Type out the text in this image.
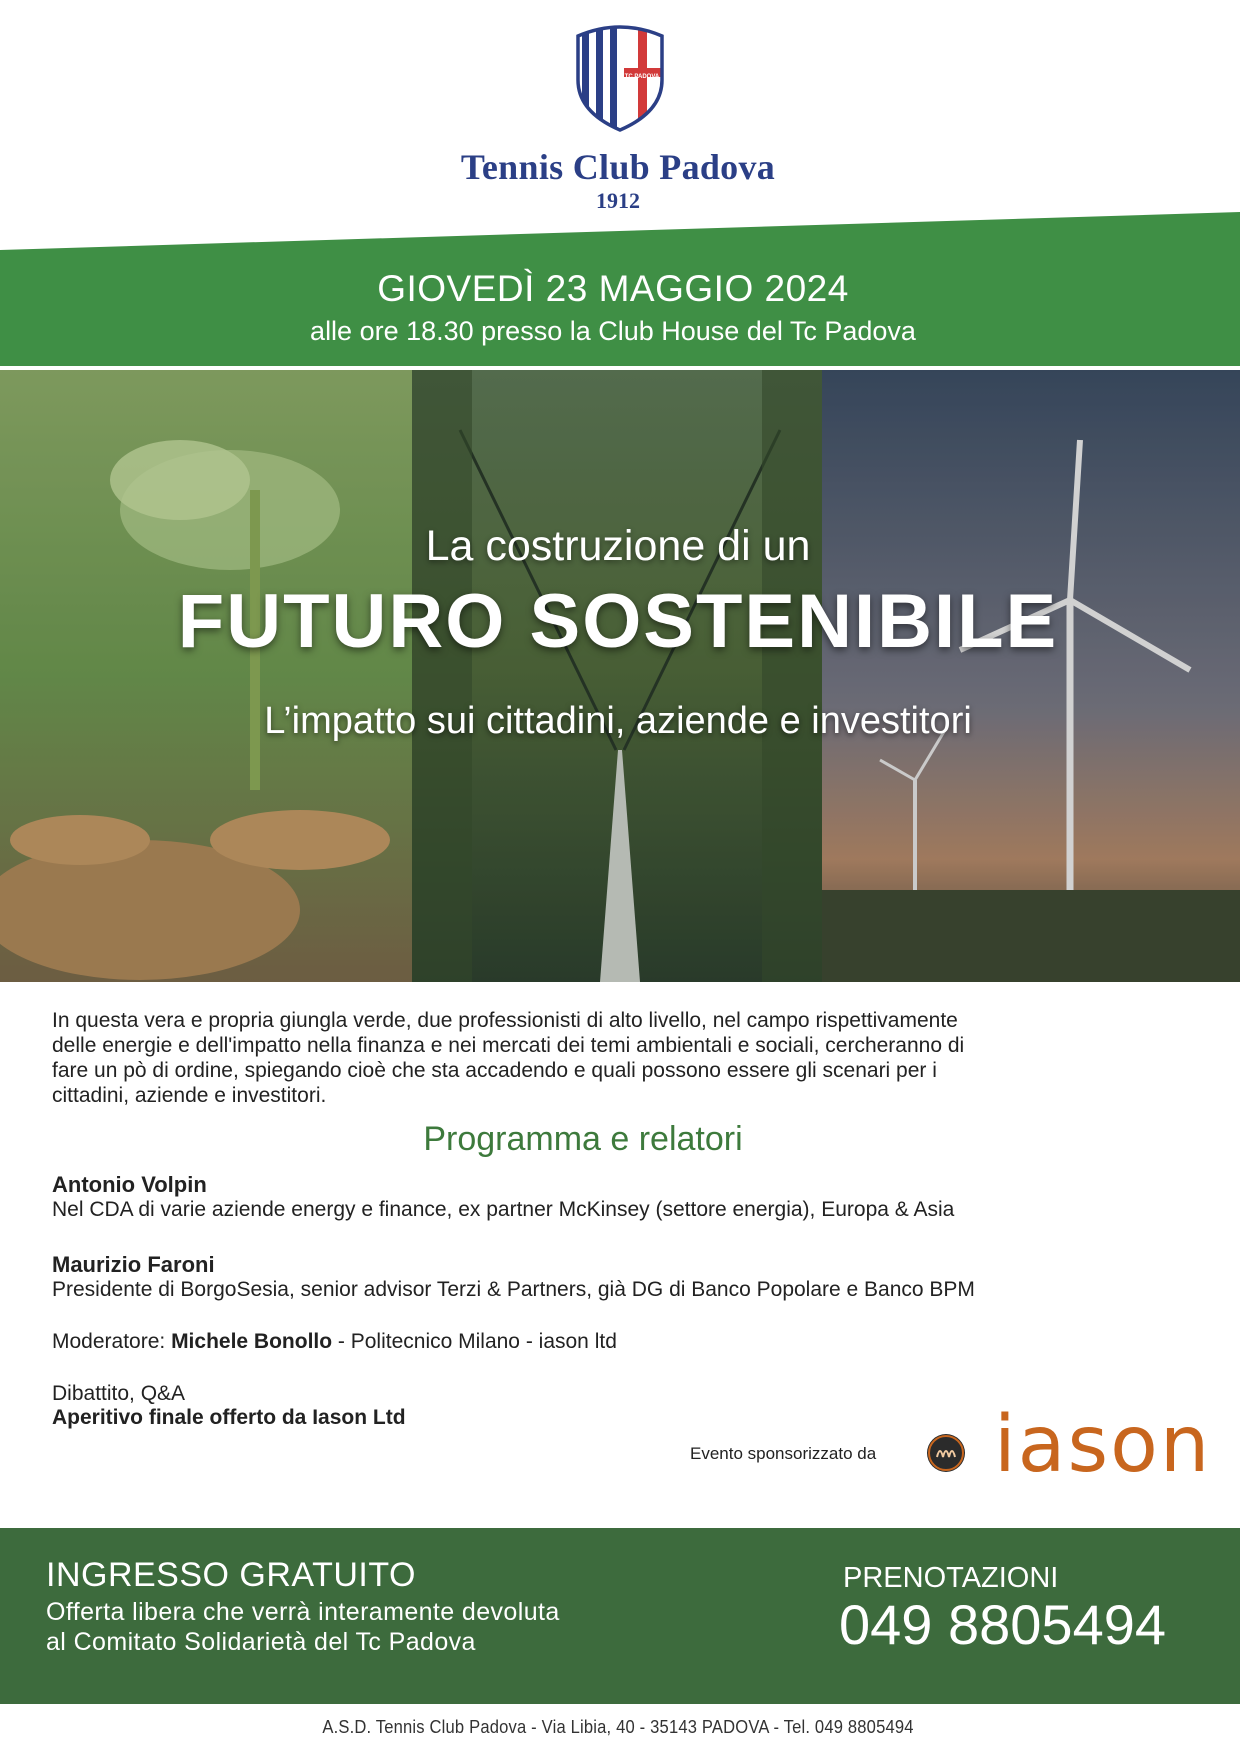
TC PADOVA
Tennis Club Padova
1912
GIOVEDÌ 23 MAGGIO 2024
alle ore 18.30 presso la Club House del Tc Padova
La costruzione di un
FUTURO SOSTENIBILE
L’impatto sui cittadini, aziende e investitori
In questa vera e propria giungla verde, due professionisti di alto livello, nel campo rispettivamente
delle energie e dell'impatto nella finanza e nei mercati dei temi ambientali e sociali, cercheranno di
fare un pò di ordine, spiegando cioè che sta accadendo e quali possono essere gli scenari per i
cittadini, aziende e investitori.
Programma e relatori
Antonio Volpin
Nel CDA di varie aziende energy e finance, ex partner McKinsey (settore energia), Europa & Asia
Maurizio Faroni
Presidente di BorgoSesia, senior advisor Terzi & Partners, già DG di Banco Popolare e Banco BPM
Moderatore: Michele Bonollo - Politecnico Milano - iason ltd
Dibattito, Q&A
Aperitivo finale offerto da Iason Ltd
Evento sponsorizzato da iason
INGRESSO GRATUITO
Offerta libera che verrà interamente devoluta
al Comitato Solidarietà del Tc Padova
PRENOTAZIONI
049 8805494
A.S.D. Tennis Club Padova - Via Libia, 40 - 35143 PADOVA - Tel. 049 8805494
